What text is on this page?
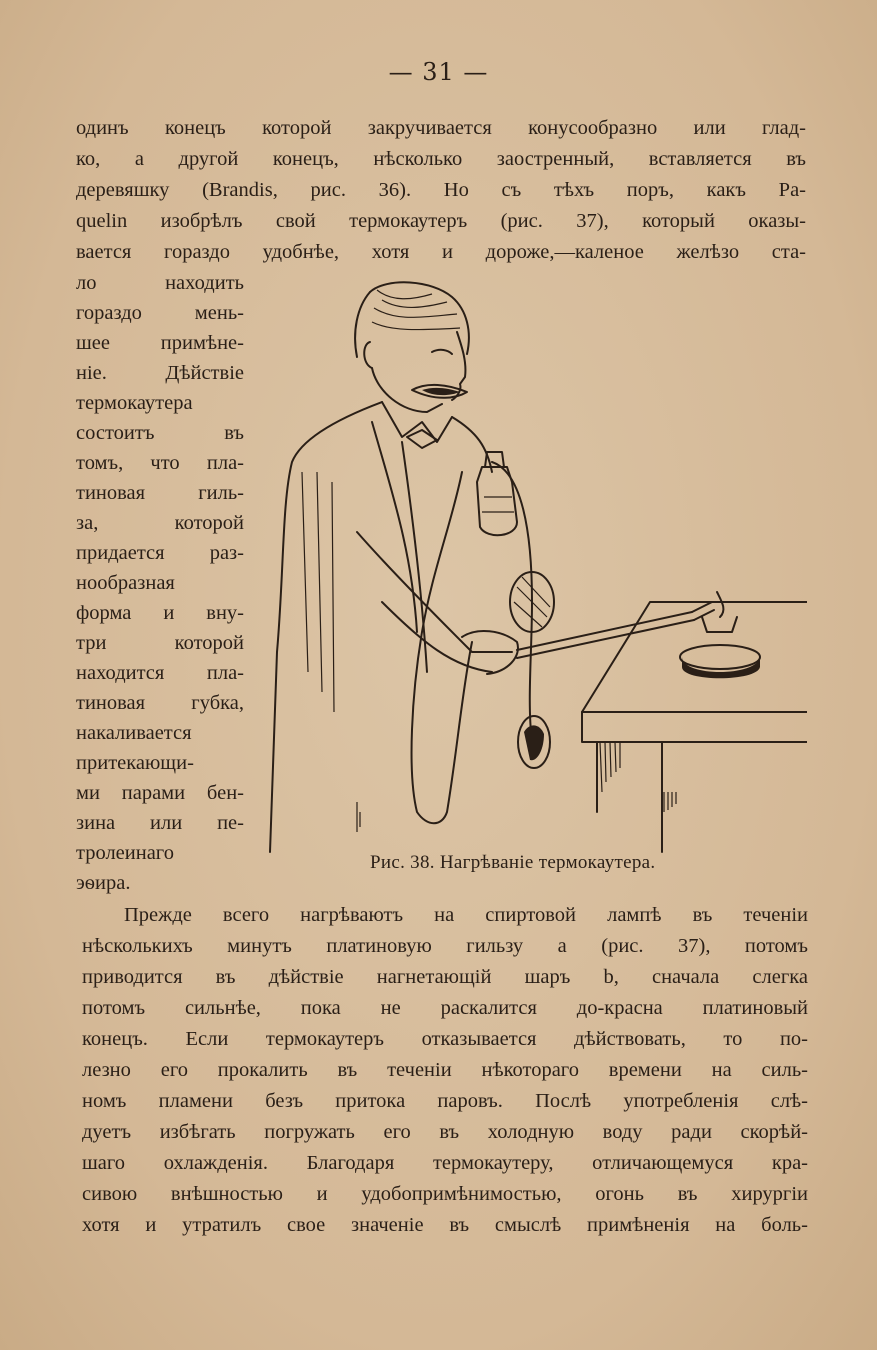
— 31 —
одинъ конецъ которой закручивается конусообразно или глад-
ко, а другой конецъ, нѣсколько заостренный, вставляется въ
деревяшку (Brandis, рис. 36). Но съ тѣхъ поръ, какъ Pa-
quelin изобрѣлъ свой термокаутеръ (рис. 37), который оказы-
вается гораздо удобнѣе, хотя и дороже,—каленое желѣзо ста-
ло находить
гораздо мень-
шее примѣне-
ніе. Дѣйствіе
термокаутера
состоитъ въ
томъ, что пла-
тиновая гиль-
за, которой
придается раз-
нообразная
форма и вну-
три которой
находится пла-
тиновая губка,
накаливается
притекающи-
ми парами бен-
зина или пе-
тролеинаго
эѳира.
Рис. 38. Нагрѣваніе термокаутера.
Прежде всего нагрѣваютъ на спиртовой лампѣ въ теченіи
нѣсколькихъ минутъ платиновую гильзу a (рис. 37), потомъ
приводится въ дѣйствіе нагнетающій шаръ b, сначала слегка
потомъ сильнѣе, пока не раскалится до-красна платиновый
конецъ. Если термокаутеръ отказывается дѣйствовать, то по-
лезно его прокалить въ теченіи нѣкотораго времени на силь-
номъ пламени безъ притока паровъ. Послѣ употребленія слѣ-
дуетъ избѣгать погружать его въ холодную воду ради скорѣй-
шаго охлажденія. Благодаря термокаутеру, отличающемуся кра-
сивою внѣшностью и удобопримѣнимостью, огонь въ хирургіи
хотя и утратилъ свое значеніе въ смыслѣ примѣненія на боль-
